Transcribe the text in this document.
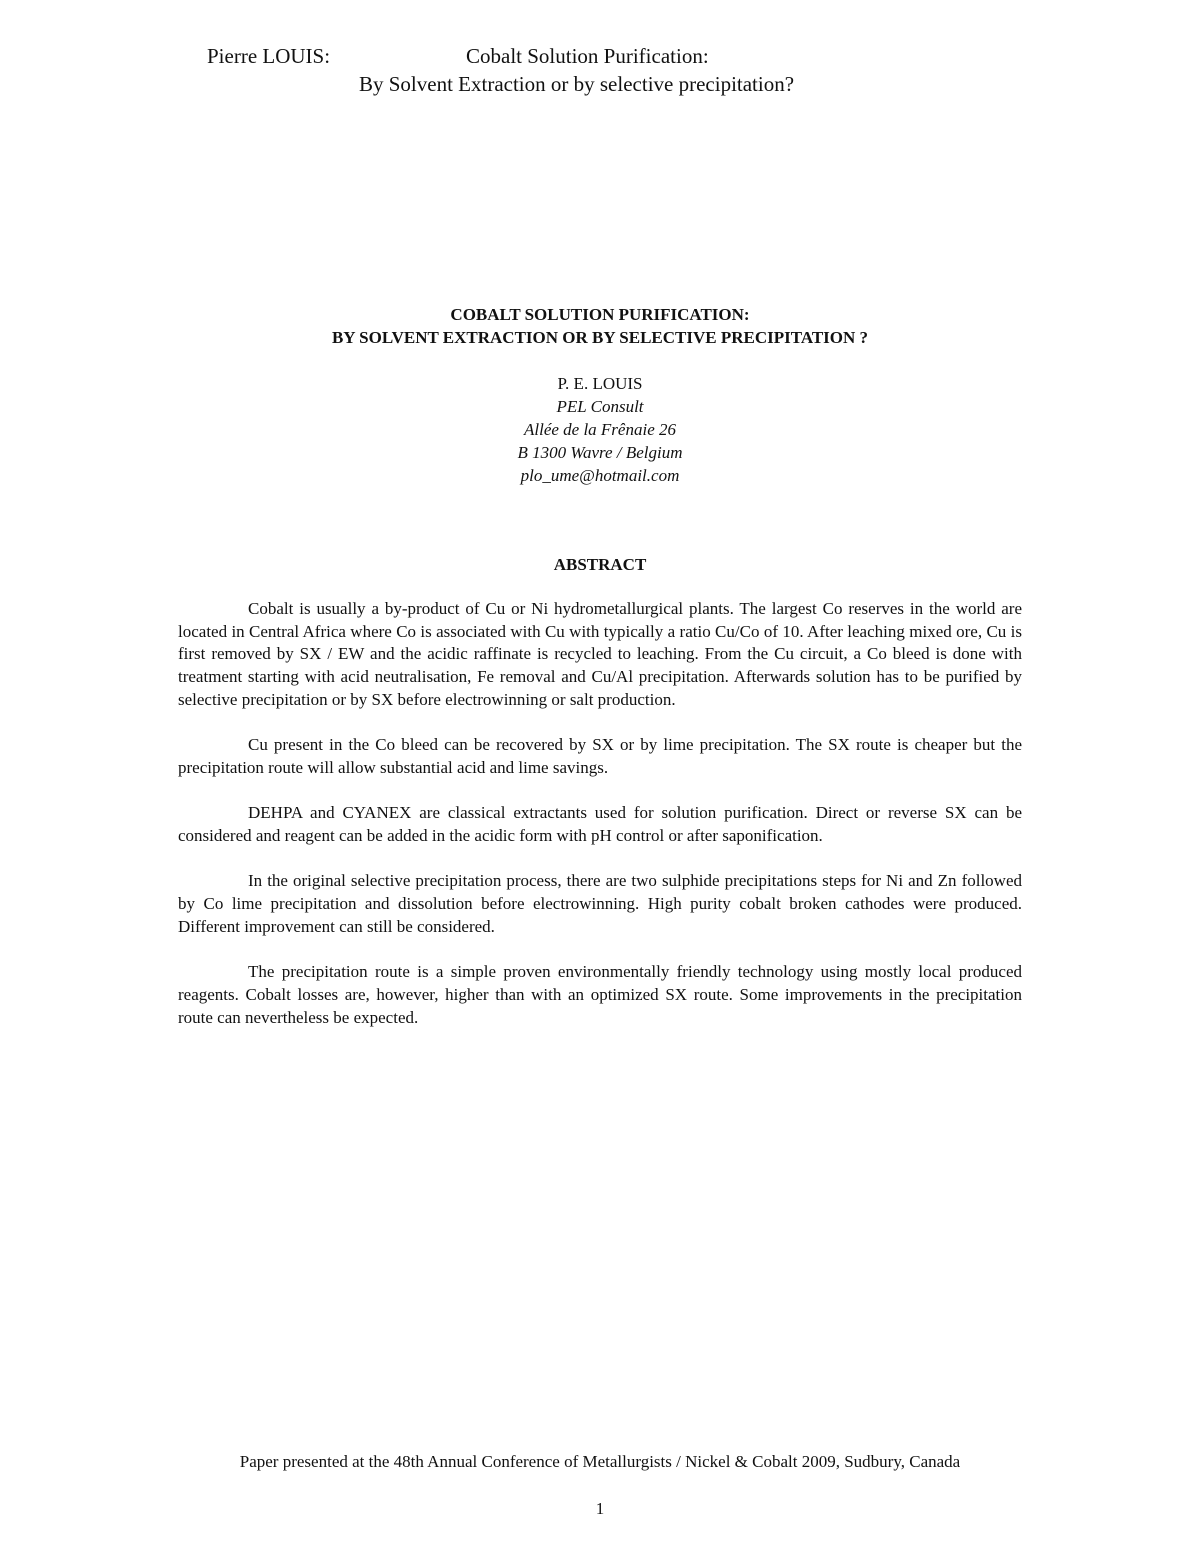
Pierre LOUIS:	Cobalt Solution Purification:
By Solvent Extraction or by selective precipitation?
COBALT SOLUTION PURIFICATION:
BY SOLVENT EXTRACTION OR BY SELECTIVE PRECIPITATION ?
P. E. LOUIS
PEL Consult
Allée de la Frênaie 26
B 1300 Wavre / Belgium
plo_ume@hotmail.com
ABSTRACT

Cobalt is usually a by-product of Cu or Ni hydrometallurgical plants. The largest Co reserves in the world are located in Central Africa where Co is associated with Cu with typically a ratio Cu/Co of 10. After leaching mixed ore, Cu is first removed by SX / EW and the acidic raffinate is recycled to leaching. From the Cu circuit, a Co bleed is done with treatment starting with acid neutralisation, Fe removal and Cu/Al precipitation. Afterwards solution has to be purified by selective precipitation or by SX before electrowinning or salt production.

Cu present in the Co bleed can be recovered by SX or by lime precipitation. The SX route is cheaper but the precipitation route will allow substantial acid and lime savings.

DEHPA and CYANEX are classical extractants used for solution purification. Direct or reverse SX can be considered and reagent can be added in the acidic form with pH control or after saponification.

In the original selective precipitation process, there are two sulphide precipitations steps for Ni and Zn followed by Co lime precipitation and dissolution before electrowinning. High purity cobalt broken cathodes were produced. Different improvement can still be considered.

The precipitation route is a simple proven environmentally friendly technology using mostly local produced reagents. Cobalt losses are, however, higher than with an optimized SX route. Some improvements in the precipitation route can nevertheless be expected.

Paper presented at the 48th Annual Conference of Metallurgists / Nickel & Cobalt 2009, Sudbury, Canada
1
